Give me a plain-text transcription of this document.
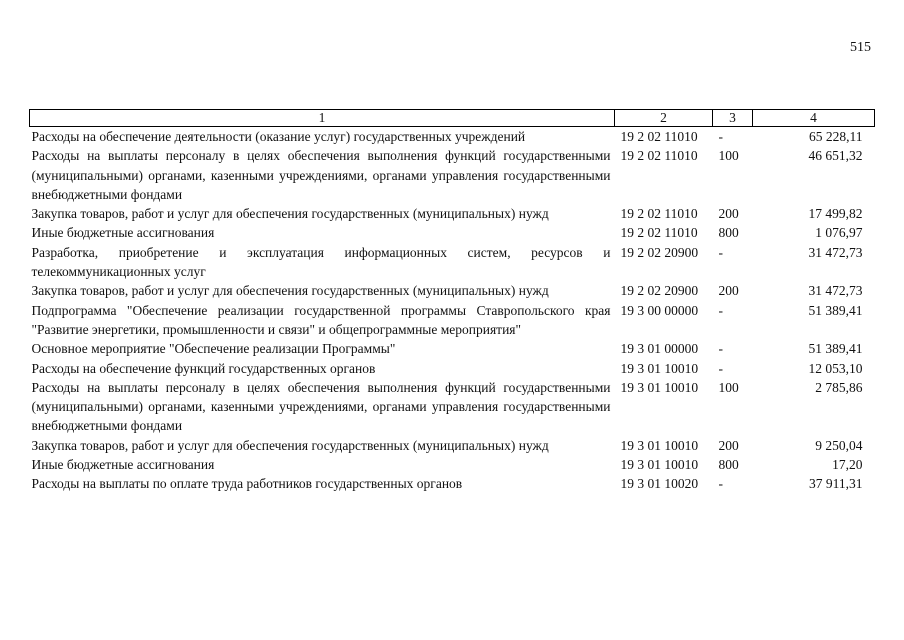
515
1	2	3	4
Расходы на обеспечение деятельности (оказание услуг) государственных учреждений	19 2 02 11010	-	65 228,11
Расходы на выплаты персоналу в целях обеспечения выполнения функций государственными (муниципальными) органами, казенными учреждениями, органами управления государственными внебюджетными фондами	19 2 02 11010	100	46 651,32
Закупка товаров, работ и услуг для обеспечения государственных (муниципальных) нужд	19 2 02 11010	200	17 499,82
Иные бюджетные ассигнования	19 2 02 11010	800	1 076,97
Разработка, приобретение и эксплуатация информационных систем, ресурсов и телекоммуникационных услуг	19 2 02 20900	-	31 472,73
Закупка товаров, работ и услуг для обеспечения государственных (муниципальных) нужд	19 2 02 20900	200	31 472,73
Подпрограмма "Обеспечение реализации государственной программы Ставропольского края "Развитие энергетики, промышленности и связи" и общепрограммные мероприятия"	19 3 00 00000	-	51 389,41
Основное мероприятие "Обеспечение реализации Программы"	19 3 01 00000	-	51 389,41
Расходы на обеспечение функций государственных органов	19 3 01 10010	-	12 053,10
Расходы на выплаты персоналу в целях обеспечения выполнения функций государственными (муниципальными) органами, казенными учреждениями, органами управления государственными внебюджетными фондами	19 3 01 10010	100	2 785,86
Закупка товаров, работ и услуг для обеспечения государственных (муниципальных) нужд	19 3 01 10010	200	9 250,04
Иные бюджетные ассигнования	19 3 01 10010	800	17,20
Расходы на выплаты по оплате труда работников государственных органов	19 3 01 10020	-	37 911,31
